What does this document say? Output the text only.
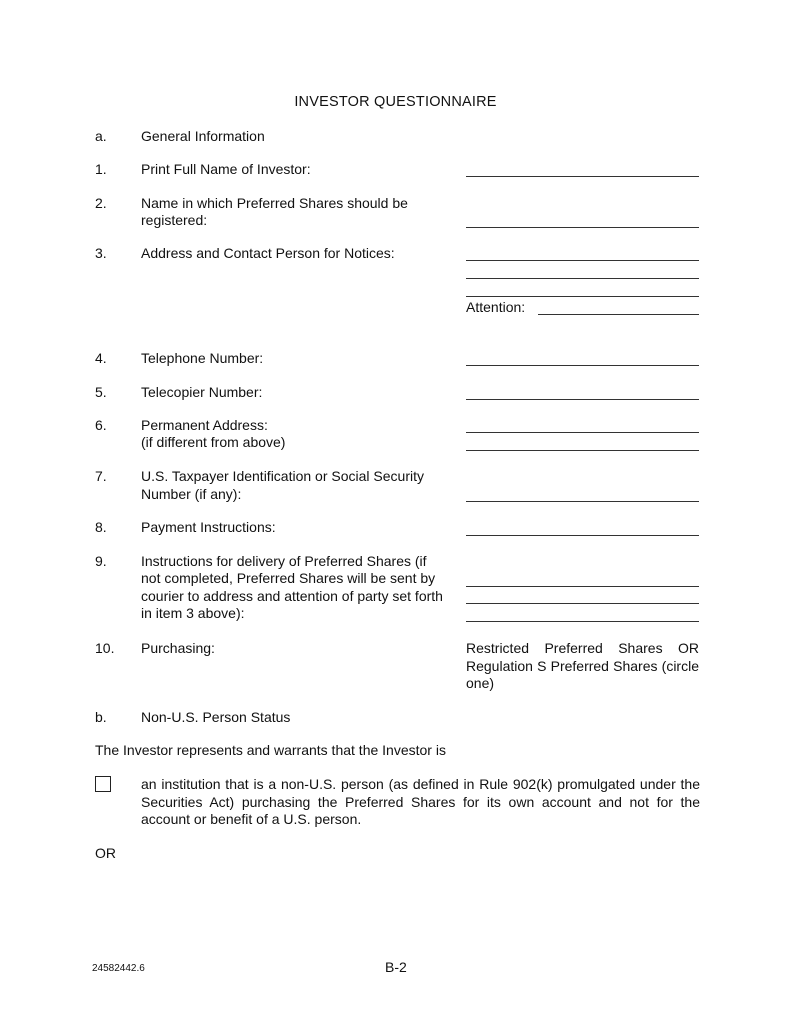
INVESTOR QUESTIONNAIRE
a. General Information
1. Print Full Name of Investor:
2. Name in which Preferred Shares should be
registered:
3. Address and Contact Person for Notices:
Attention:
4. Telephone Number:
5. Telecopier Number:
6. Permanent Address:
(if different from above)
7. U.S. Taxpayer Identification or Social Security
Number (if any):
8. Payment Instructions:
9. Instructions for delivery of Preferred Shares (if
not completed, Preferred Shares will be sent by
courier to address and attention of party set forth
in item 3 above):
10. Purchasing:	Restricted Preferred Shares OR
Regulation S Preferred Shares (circle
one)
b. Non-U.S. Person Status
The Investor represents and warrants that the Investor is
an institution that is a non-U.S. person (as defined in Rule 902(k) promulgated under the Securities Act) purchasing the Preferred Shares for its own account and not for the account or benefit of a U.S. person.
OR
24582442.6	B-2
